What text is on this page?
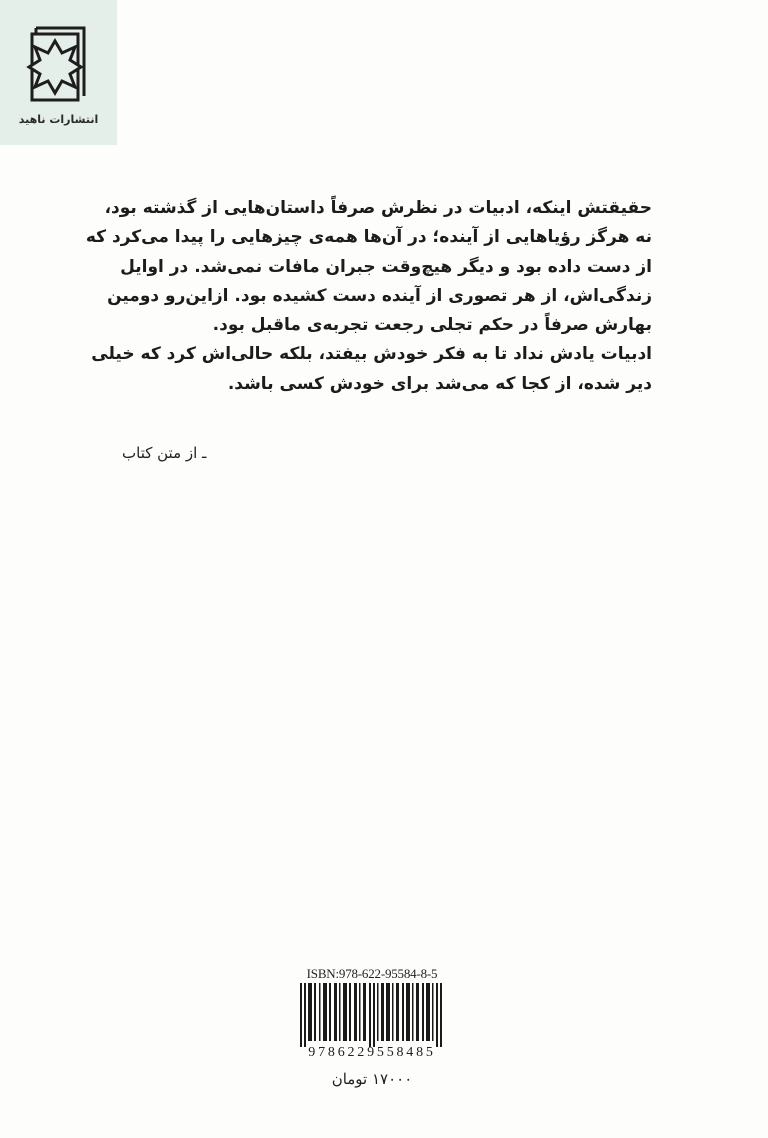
انتشارات ناهید
حقیقتش اینکه، ادبیات در نظرش صرفاً داستان‌هایی از گذشته بود،
نه هرگز رؤیاهایی از آینده؛ در آن‌ها همه‌ی چیزهایی را پیدا می‌کرد که
از دست داده بود و دیگر هیچ‌وقت جبران مافات نمی‌شد. در اوایل
زندگی‌اش، از هر تصوری از آینده دست کشیده بود. ازاین‌رو دومین
بهارش صرفاً در حکم تجلی رجعت تجربه‌ی ماقبل بود.
ادبیات یادش نداد تا به فکر خودش بیفتد، بلکه حالی‌اش کرد که خیلی
دیر شده، از کجا که می‌شد برای خودش کسی باشد.
ـ از متن کتاب
ISBN:978-622-95584-8-5
9786229558485
۱۷۰۰۰ تومان
